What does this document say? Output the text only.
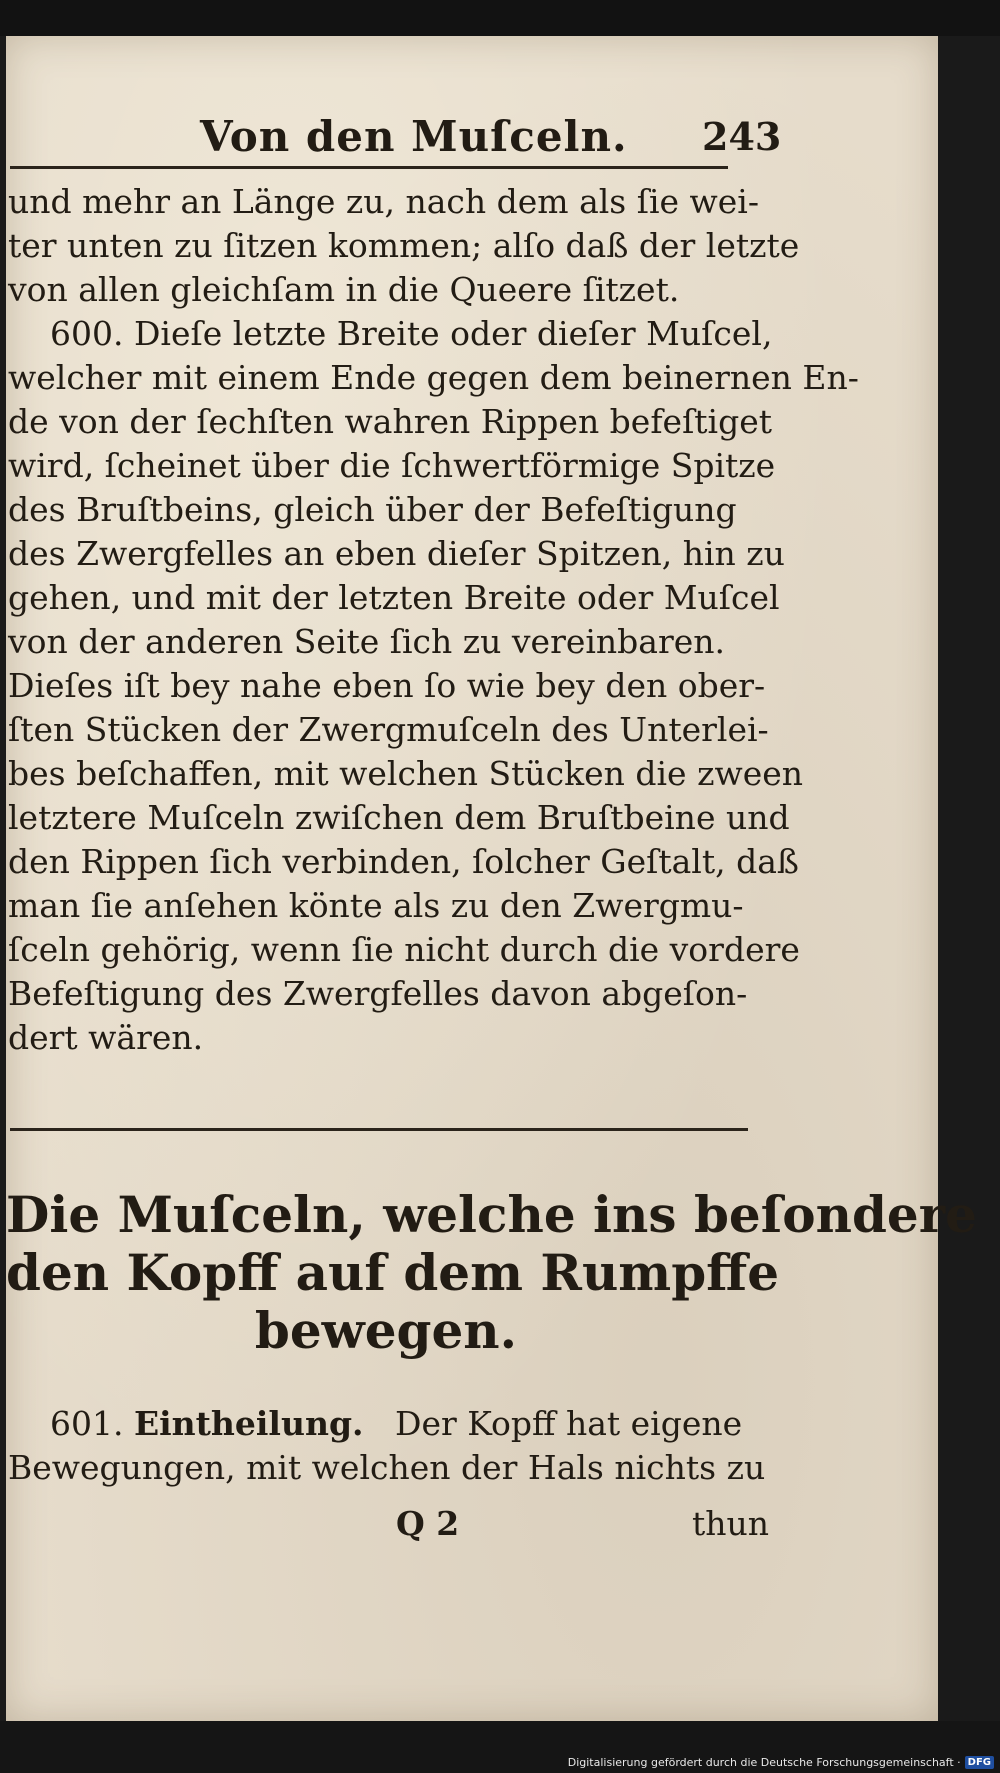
Von den Muſceln. 243
und mehr an Länge zu, nach dem als ſie wei-
ter unten zu ſitzen kommen; alſo daß der letzte
von allen gleichſam in die Queere ſitzet.
600. Dieſe letzte Breite oder dieſer Muſcel,
welcher mit einem Ende gegen dem beinernen En-
de von der ſechſten wahren Rippen befeſtiget
wird, ſcheinet über die ſchwertförmige Spitze
des Bruſtbeins, gleich über der Befeſtigung
des Zwergfelles an eben dieſer Spitzen, hin zu
gehen, und mit der letzten Breite oder Muſcel
von der anderen Seite ſich zu vereinbaren.
Dieſes iſt bey nahe eben ſo wie bey den ober-
ſten Stücken der Zwergmuſceln des Unterlei-
bes beſchaffen, mit welchen Stücken die zween
letztere Muſceln zwiſchen dem Bruſtbeine und
den Rippen ſich verbinden, ſolcher Geſtalt, daß
man ſie anſehen könte als zu den Zwergmu-
ſceln gehörig, wenn ſie nicht durch die vordere
Befeſtigung des Zwergfelles davon abgeſon-
dert wären.
Die Muſceln, welche ins beſondere
den Kopff auf dem Rumpffe
bewegen.
601. Eintheilung. Der Kopff hat eigene
Bewegungen, mit welchen der Hals nichts zu
Q 2	thun
Digitalisierung gefördert durch die Deutsche Forschungsgemeinschaft · DFG
